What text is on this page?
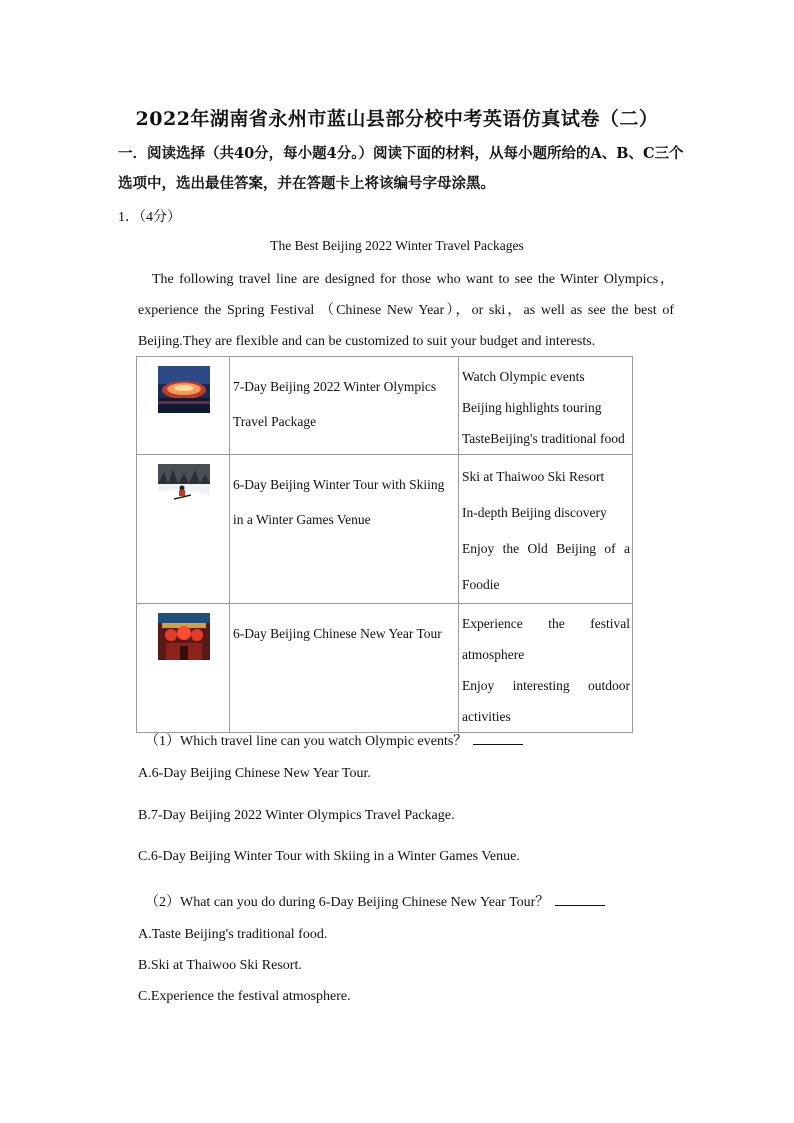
2022年湖南省永州市蓝山县部分校中考英语仿真试卷（二）
一．阅读选择（共40分，每小题4分。）阅读下面的材料，从每小题所给的A、B、C三个选项中，选出最佳答案，并在答题卡上将该编号字母涂黑。
1．（4分）
The Best Beijing 2022 Winter Travel Packages

The following travel line are designed for those who want to see the Winter Olympics，experience the Spring Festival （Chinese New Year），or ski，as well as see the best of Beijing.They are flexible and can be customized to suit your budget and interests.

	7-Day Beijing 2022 Winter Olympics Travel Package	Watch Olympic events
Beijing highlights touring
TasteBeijing's traditional food

	6-Day Beijing Winter Tour with Skiing in a Winter Games Venue	Ski at Thaiwoo Ski Resort
In-depth Beijing discovery
Enjoy the Old Beijing of a Foodie

	6-Day Beijing Chinese New Year Tour	Experience the festival atmosphere
Enjoy interesting outdoor activities
（1）Which travel line can you watch Olympic events？
A.6-Day Beijing Chinese New Year Tour.
B.7-Day Beijing 2022 Winter Olympics Travel Package.
C.6-Day Beijing Winter Tour with Skiing in a Winter Games Venue.
（2）What can you do during 6-Day Beijing Chinese New Year Tour？
A.Taste Beijing's traditional food.
B.Ski at Thaiwoo Ski Resort.
C.Experience the festival atmosphere.
